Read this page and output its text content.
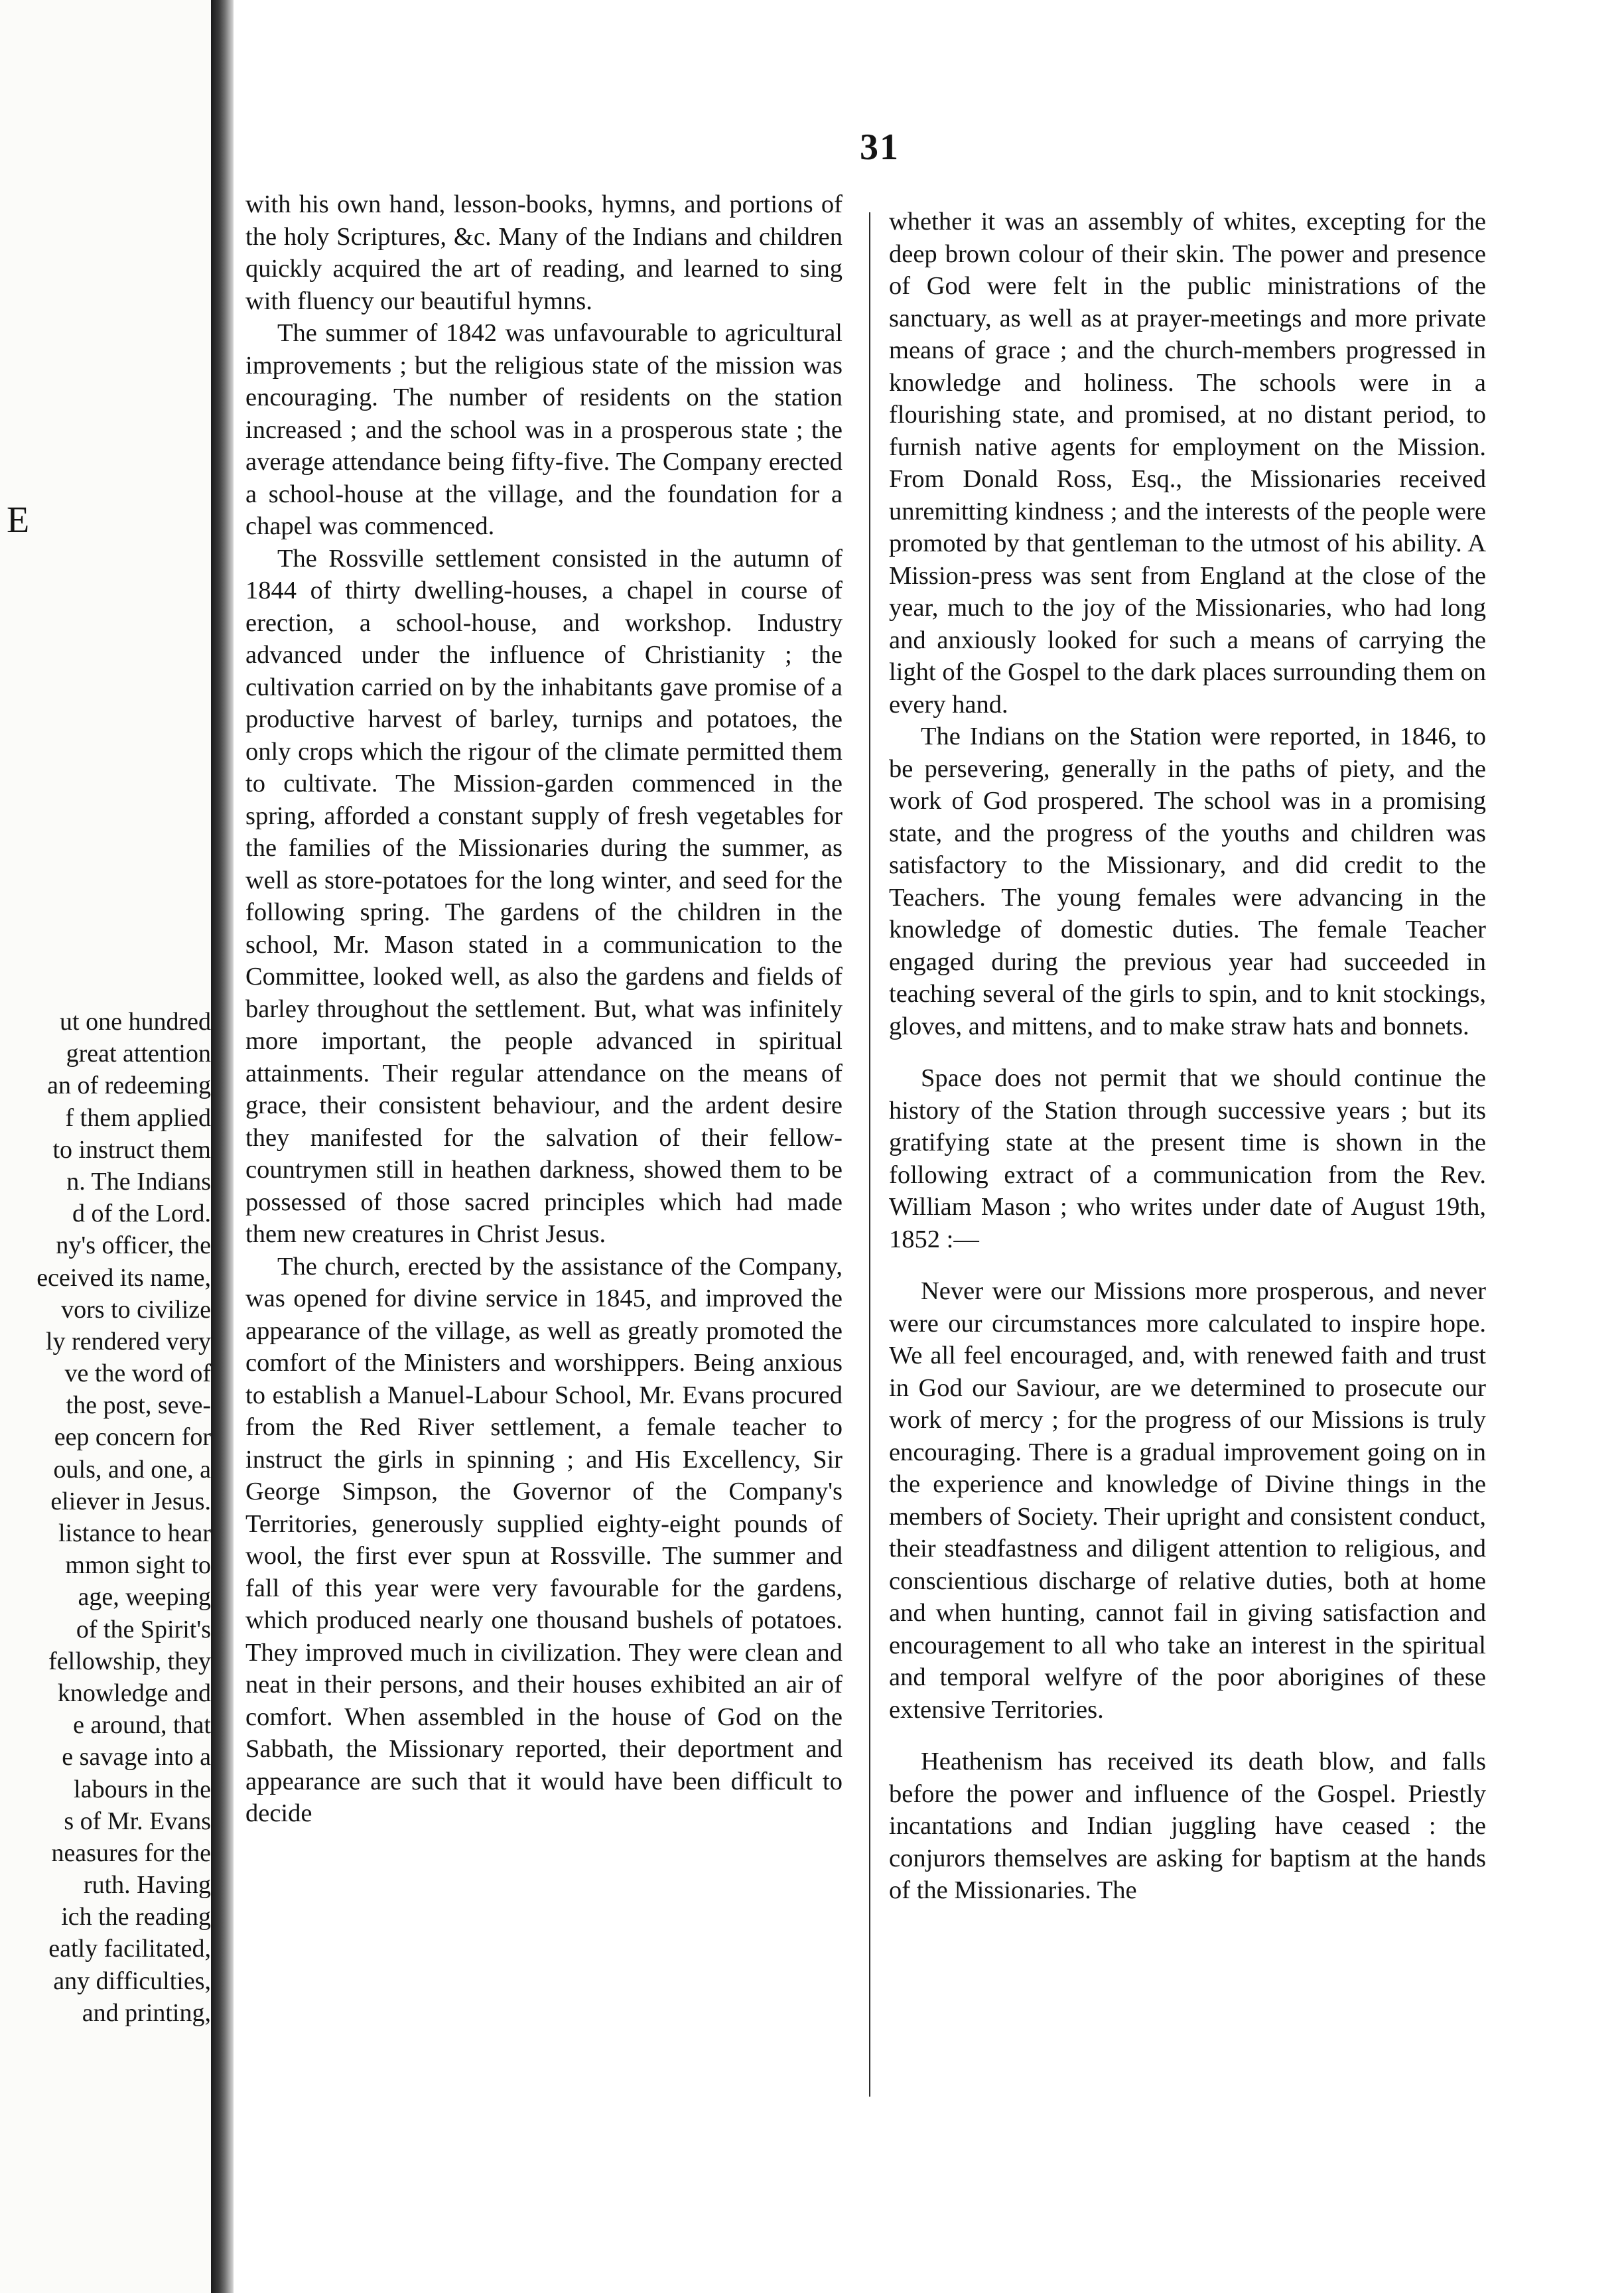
E
ut one hundred
great attention
an of redeeming
f them applied
to instruct them
n. The Indians
d of the Lord.
ny's officer, the
eceived its name,
vors to civilize
ly rendered very
ve the word of
the post, seve-
eep concern for
ouls, and one, a
eliever in Jesus.
listance to hear
mmon sight to
age, weeping
of the Spirit's
fellowship, they
knowledge and
e around, that
e savage into a
labours in the
s of Mr. Evans
neasures for the
ruth. Having
ich the reading
eatly facilitated,
any difficulties,
and printing,
31

with his own hand, lesson-books, hymns, and portions of the holy Scriptures, &c. Many of the Indians and children quickly acquired the art of reading, and learned to sing with fluency our beautiful hymns.

The summer of 1842 was unfavourable to agricultural improvements ; but the religious state of the mission was encouraging. The number of residents on the station increased ; and the school was in a prosperous state ; the average attendance being fifty-five. The Company erected a school-house at the village, and the foundation for a chapel was commenced.

The Rossville settlement consisted in the autumn of 1844 of thirty dwelling-houses, a chapel in course of erection, a school-house, and workshop. Industry advanced under the influence of Christianity ; the cultivation carried on by the inhabitants gave promise of a productive harvest of barley, turnips and potatoes, the only crops which the rigour of the climate permitted them to cultivate. The Mission-garden commenced in the spring, afforded a constant supply of fresh vegetables for the families of the Missionaries during the summer, as well as store-potatoes for the long winter, and seed for the following spring. The gardens of the children in the school, Mr. Mason stated in a communication to the Committee, looked well, as also the gardens and fields of barley throughout the settlement. But, what was infinitely more important, the people advanced in spiritual attainments. Their regular attendance on the means of grace, their consistent behaviour, and the ardent desire they manifested for the salvation of their fellow-countrymen still in heathen darkness, showed them to be possessed of those sacred principles which had made them new creatures in Christ Jesus.

The church, erected by the assistance of the Company, was opened for divine service in 1845, and improved the appearance of the village, as well as greatly promoted the comfort of the Ministers and worshippers. Being anxious to establish a Manuel-Labour School, Mr. Evans procured from the Red River settlement, a female teacher to instruct the girls in spinning ; and His Excellency, Sir George Simpson, the Governor of the Company's Territories, generously supplied eighty-eight pounds of wool, the first ever spun at Rossville. The summer and fall of this year were very favourable for the gardens, which produced nearly one thousand bushels of potatoes. They improved much in civilization. They were clean and neat in their persons, and their houses exhibited an air of comfort. When assembled in the house of God on the Sabbath, the Missionary reported, their deportment and appearance are such that it would have been difficult to decide

whether it was an assembly of whites, excepting for the deep brown colour of their skin. The power and presence of God were felt in the public ministrations of the sanctuary, as well as at prayer-meetings and more private means of grace ; and the church-members progressed in knowledge and holiness. The schools were in a flourishing state, and promised, at no distant period, to furnish native agents for employment on the Mission. From Donald Ross, Esq., the Missionaries received unremitting kindness ; and the interests of the people were promoted by that gentleman to the utmost of his ability. A Mission-press was sent from England at the close of the year, much to the joy of the Missionaries, who had long and anxiously looked for such a means of carrying the light of the Gospel to the dark places surrounding them on every hand.

The Indians on the Station were reported, in 1846, to be persevering, generally in the paths of piety, and the work of God prospered. The school was in a promising state, and the progress of the youths and children was satisfactory to the Missionary, and did credit to the Teachers. The young females were advancing in the knowledge of domestic duties. The female Teacher engaged during the previous year had succeeded in teaching several of the girls to spin, and to knit stockings, gloves, and mittens, and to make straw hats and bonnets.

Space does not permit that we should continue the history of the Station through successive years ; but its gratifying state at the present time is shown in the following extract of a communication from the Rev. William Mason ; who writes under date of August 19th, 1852 :—

Never were our Missions more prosperous, and never were our circumstances more calculated to inspire hope. We all feel encouraged, and, with renewed faith and trust in God our Saviour, are we determined to prosecute our work of mercy ; for the progress of our Missions is truly encouraging. There is a gradual improvement going on in the experience and knowledge of Divine things in the members of Society. Their upright and consistent conduct, their steadfastness and diligent attention to religious, and conscientious discharge of relative duties, both at home and when hunting, cannot fail in giving satisfaction and encouragement to all who take an interest in the spiritual and temporal welfyre of the poor aborigines of these extensive Territories.

Heathenism has received its death blow, and falls before the power and influence of the Gospel. Priestly incantations and Indian juggling have ceased : the conjurors themselves are asking for baptism at the hands of the Missionaries. The
